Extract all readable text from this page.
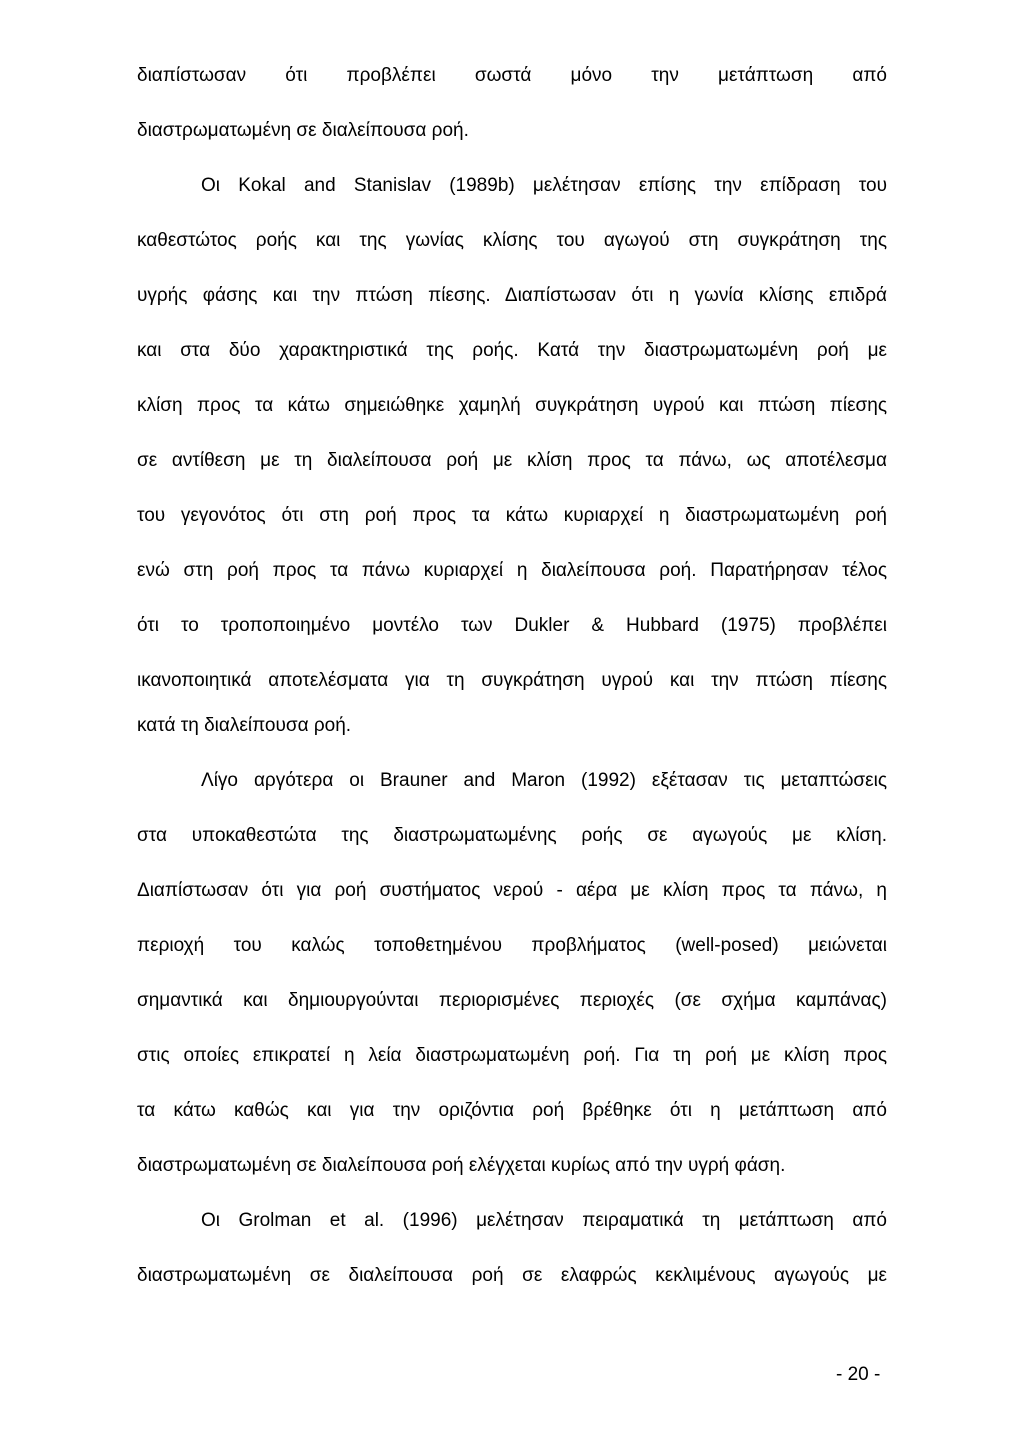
διαπίστωσαν ότι προβλέπει σωστά μόνο την μετάπτωση από
διαστρωματωμένη σε διαλείπουσα ροή.
Οι Kokal and Stanislav (1989b) μελέτησαν επίσης την επίδραση του
καθεστώτος ροής και της γωνίας κλίσης του αγωγού στη συγκράτηση της
υγρής φάσης και την πτώση πίεσης. Διαπίστωσαν ότι η γωνία κλίσης επιδρά
και στα δύο χαρακτηριστικά της ροής. Κατά την διαστρωματωμένη ροή με
κλίση προς τα κάτω σημειώθηκε χαμηλή συγκράτηση υγρού και πτώση πίεσης
σε αντίθεση με τη διαλείπουσα ροή με κλίση προς τα πάνω, ως αποτέλεσμα
του γεγονότος ότι στη ροή προς τα κάτω κυριαρχεί η διαστρωματωμένη ροή
ενώ στη ροή προς τα πάνω κυριαρχεί η διαλείπουσα ροή. Παρατήρησαν τέλος
ότι το τροποποιημένο μοντέλο των Dukler & Hubbard (1975) προβλέπει
ικανοποιητικά αποτελέσματα για τη συγκράτηση υγρού και την πτώση πίεσης
κατά τη διαλείπουσα ροή.
Λίγο αργότερα οι Brauner and Maron (1992) εξέτασαν τις μεταπτώσεις
στα υποκαθεστώτα της διαστρωματωμένης ροής σε αγωγούς με κλίση.
Διαπίστωσαν ότι για ροή συστήματος νερού - αέρα με κλίση προς τα πάνω, η
περιοχή του καλώς τοποθετημένου προβλήματος (well-posed) μειώνεται
σημαντικά και δημιουργούνται περιορισμένες περιοχές (σε σχήμα καμπάνας)
στις οποίες επικρατεί η λεία διαστρωματωμένη ροή. Για τη ροή με κλίση προς
τα κάτω καθώς και για την οριζόντια ροή βρέθηκε ότι η μετάπτωση από
διαστρωματωμένη σε διαλείπουσα ροή ελέγχεται κυρίως από την υγρή φάση.
Οι Grolman et al. (1996) μελέτησαν πειραματικά τη μετάπτωση από
διαστρωματωμένη σε διαλείπουσα ροή σε ελαφρώς κεκλιμένους αγωγούς με
- 20 -
